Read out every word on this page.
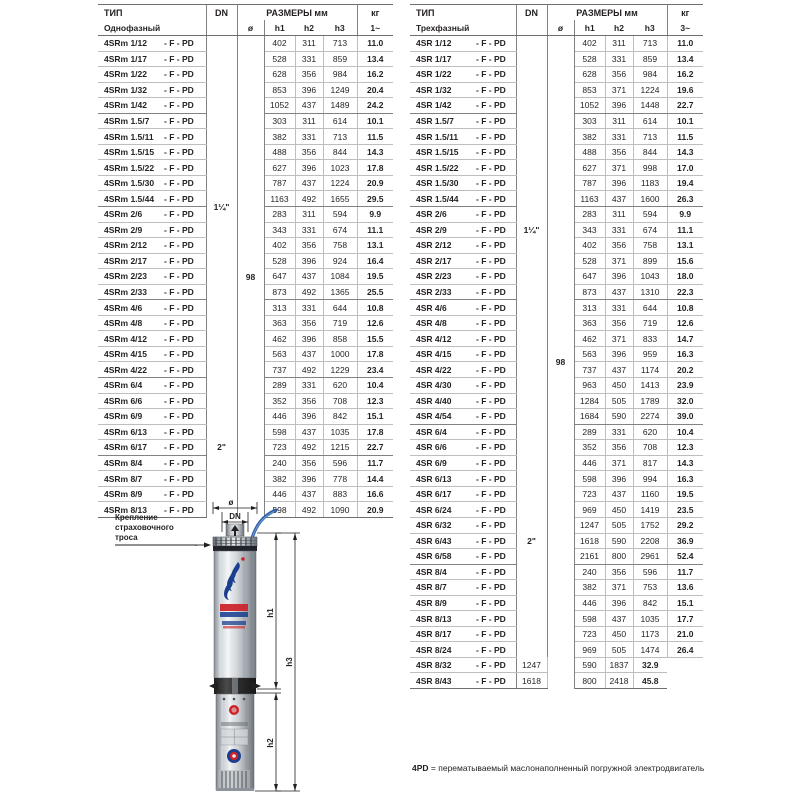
ТИП	DN	РАЗМЕРЫ мм				кг
Однофазный		ø	h1	h2	h3	1~
4SRm 1/12 - F - PD	1¼"	98	402	311	713	11.0
4SRm 1/17 - F - PD			528	331	859	13.4
4SRm 1/22 - F - PD			628	356	984	16.2
4SRm 1/32 - F - PD			853	396	1249	20.4
4SRm 1/42 - F - PD			1052	437	1489	24.2
4SRm 1.5/7 - F - PD			303	311	614	10.1
4SRm 1.5/11 - F - PD			382	331	713	11.5
4SRm 1.5/15 - F - PD			488	356	844	14.3
4SRm 1.5/22 - F - PD			627	396	1023	17.8
4SRm 1.5/30 - F - PD			787	437	1224	20.9
4SRm 1.5/44 - F - PD			1163	492	1655	29.5
4SRm 2/6 - F - PD			283	311	594	9.9
4SRm 2/9 - F - PD			343	331	674	11.1
4SRm 2/12 - F - PD			402	356	758	13.1
4SRm 2/17 - F - PD			528	396	924	16.4
4SRm 2/23 - F - PD			647	437	1084	19.5
4SRm 2/33 - F - PD			873	492	1365	25.5
4SRm 4/6 - F - PD			313	331	644	10.8
4SRm 4/8 - F - PD			363	356	719	12.6
4SRm 4/12 - F - PD			462	396	858	15.5
4SRm 4/15 - F - PD			563	437	1000	17.8
4SRm 4/22 - F - PD			737	492	1229	23.4
4SRm 6/4 - F - PD	2"		289	331	620	10.4
4SRm 6/6 - F - PD			352	356	708	12.3
4SRm 6/9 - F - PD			446	396	842	15.1
4SRm 6/13 - F - PD			598	437	1035	17.8
4SRm 6/17 - F - PD			723	492	1215	22.7
4SRm 8/4 - F - PD			240	356	596	11.7
4SRm 8/7 - F - PD			382	396	778	14.4
4SRm 8/9 - F - PD			446	437	883	16.6
4SRm 8/13 - F - PD			598	492	1090	20.9
ТИП	DN	РАЗМЕРЫ мм				кг
Трехфазный		ø	h1	h2	h3	3~
4SR 1/12 - F - PD	1¼"	98	402	311	713	11.0
4SR 1/17 - F - PD			528	331	859	13.4
4SR 1/22 - F - PD			628	356	984	16.2
4SR 1/32 - F - PD			853	371	1224	19.6
4SR 1/42 - F - PD			1052	396	1448	22.7
4SR 1.5/7 - F - PD			303	311	614	10.1
4SR 1.5/11 - F - PD			382	331	713	11.5
4SR 1.5/15 - F - PD			488	356	844	14.3
4SR 1.5/22 - F - PD			627	371	998	17.0
4SR 1.5/30 - F - PD			787	396	1183	19.4
4SR 1.5/44 - F - PD			1163	437	1600	26.3
4SR 2/6 - F - PD			283	311	594	9.9
4SR 2/9 - F - PD			343	331	674	11.1
4SR 2/12 - F - PD			402	356	758	13.1
4SR 2/17 - F - PD			528	371	899	15.6
4SR 2/23 - F - PD			647	396	1043	18.0
4SR 2/33 - F - PD			873	437	1310	22.3
4SR 4/6 - F - PD			313	331	644	10.8
4SR 4/8 - F - PD			363	356	719	12.6
4SR 4/12 - F - PD			462	371	833	14.7
4SR 4/15 - F - PD			563	396	959	16.3
4SR 4/22 - F - PD			737	437	1174	20.2
4SR 4/30 - F - PD			963	450	1413	23.9
4SR 4/40 - F - PD			1284	505	1789	32.0
4SR 4/54 - F - PD			1684	590	2274	39.0
4SR 6/4 - F - PD	2"		289	331	620	10.4
4SR 6/6 - F - PD			352	356	708	12.3
4SR 6/9 - F - PD			446	371	817	14.3
4SR 6/13 - F - PD			598	396	994	16.3
4SR 6/17 - F - PD			723	437	1160	19.5
4SR 6/24 - F - PD			969	450	1419	23.5
4SR 6/32 - F - PD			1247	505	1752	29.2
4SR 6/43 - F - PD			1618	590	2208	36.9
4SR 6/58 - F - PD			2161	800	2961	52.4
4SR 8/4 - F - PD			240	356	596	11.7
4SR 8/7 - F - PD			382	371	753	13.6
4SR 8/9 - F - PD			446	396	842	15.1
4SR 8/13 - F - PD			598	437	1035	17.7
4SR 8/17 - F - PD			723	450	1173	21.0
4SR 8/24 - F - PD			969	505	1474	26.4
4SR 8/32 - F - PD	1247		590	1837	32.9	
4SR 8/43 - F - PD	1618		800	2418	45.8	
4PD = перематываемый маслонаполненный погружной электродвигатель
Крепление
страховочного
троса
ø
DN
h1
h2
h3
